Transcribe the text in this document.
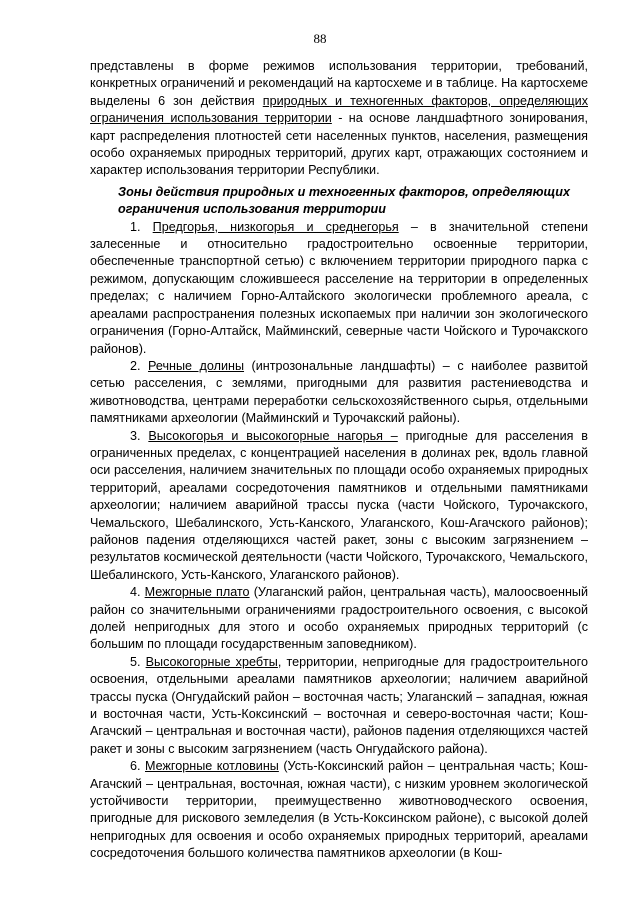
88

представлены в форме режимов использования территории, требований, конкретных ограничений и рекомендаций на картосхеме и в таблице. На картосхеме выделены 6 зон действия природных и техногенных факторов, определяющих ограничения использования территории - на основе ландшафтного зонирования, карт распределения плотностей сети населенных пунктов, населения, размещения особо охраняемых природных территорий, других карт, отражающих состоянием и характер использования территории Республики.

Зоны действия природных и техногенных факторов, определяющих ограничения использования территории

1. Предгорья, низкогорья и среднегорья – в значительной степени залесенные и относительно градостроительно освоенные территории, обеспеченные транспортной сетью) с включением территории природного парка с режимом, допускающим сложившееся расселение на территории в определенных пределах; с наличием Горно-Алтайского экологически проблемного ареала, с ареалами распространения полезных ископаемых при наличии зон экологического ограничения (Горно-Алтайск, Майминский, северные части Чойского и Турочакского районов).

2. Речные долины (интрозональные ландшафты) – с наиболее развитой сетью расселения, с землями, пригодными для развития растениеводства и животноводства, центрами переработки сельскохозяйственного сырья, отдельными памятниками археологии (Майминский и Турочакский районы).

3. Высокогорья и высокогорные нагорья – пригодные для расселения в ограниченных пределах, с концентрацией населения в долинах рек, вдоль главной оси расселения, наличием значительных по площади особо охраняемых природных территорий, ареалами сосредоточения памятников и отдельными памятниками археологии; наличием аварийной трассы пуска (части Чойского, Турочакского, Чемальского, Шебалинского, Усть-Канского, Улаганского, Кош-Агачского районов); районов падения отделяющихся частей ракет, зоны с высоким загрязнением – результатов космической деятельности (части Чойского, Турочакского, Чемальского, Шебалинского, Усть-Канского, Улаганского районов).

4. Межгорные плато (Улаганский район, центральная часть), малоосвоенный район со значительными ограничениями градостроительного освоения, с высокой долей непригодных для этого и особо охраняемых природных территорий (с большим по площади государственным заповедником).

5. Высокогорные хребты, территории, непригодные для градостроительного освоения, отдельными ареалами памятников археологии; наличием аварийной трассы пуска (Онгудайский район – восточная часть; Улаганский – западная, южная и восточная части, Усть-Коксинский – восточная и северо-восточная части; Кош-Агачский – центральная и восточная части), районов падения отделяющихся частей ракет и зоны с высоким загрязнением (часть Онгудайского района).

6. Межгорные котловины (Усть-Коксинский район – центральная часть; Кош-Агачский – центральная, восточная, южная части), с низким уровнем экологической устойчивости территории, преимущественно животноводческого освоения, пригодные для рискового земледелия (в Усть-Коксинском районе), с высокой долей непригодных для освоения и особо охраняемых природных территорий, ареалами сосредоточения большого количества памятников археологии (в Кош-
